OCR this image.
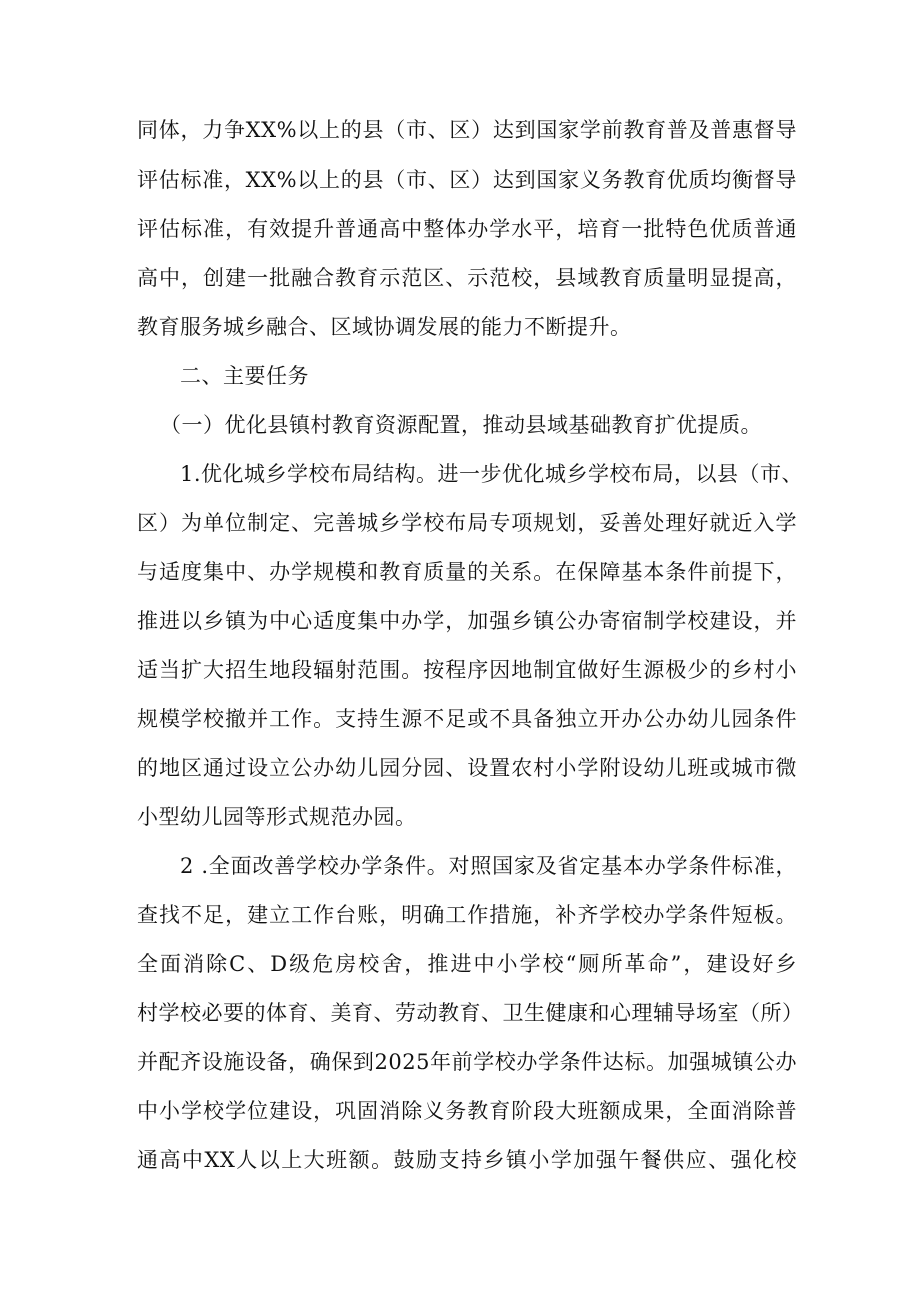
同体，力争XX%以上的县（市、区）达到国家学前教育普及普惠督导
评估标准，XX%以上的县（市、区）达到国家义务教育优质均衡督导
评估标准，有效提升普通高中整体办学水平，培育一批特色优质普通
高中，创建一批融合教育示范区、示范校，县域教育质量明显提高，
教育服务城乡融合、区域协调发展的能力不断提升。
二、主要任务
（一）优化县镇村教育资源配置，推动县域基础教育扩优提质。
1.优化城乡学校布局结构。进一步优化城乡学校布局，以县（市、
区）为单位制定、完善城乡学校布局专项规划，妥善处理好就近入学
与适度集中、办学规模和教育质量的关系。在保障基本条件前提下，
推进以乡镇为中心适度集中办学，加强乡镇公办寄宿制学校建设，并
适当扩大招生地段辐射范围。按程序因地制宜做好生源极少的乡村小
规模学校撤并工作。支持生源不足或不具备独立开办公办幼儿园条件
的地区通过设立公办幼儿园分园、设置农村小学附设幼儿班或城市微
小型幼儿园等形式规范办园。
2 .全面改善学校办学条件。对照国家及省定基本办学条件标准，
查找不足，建立工作台账，明确工作措施，补齐学校办学条件短板。
全面消除C、D级危房校舍，推进中小学校“厕所革命”，建设好乡
村学校必要的体育、美育、劳动教育、卫生健康和心理辅导场室（所）
并配齐设施设备，确保到2025年前学校办学条件达标。加强城镇公办
中小学校学位建设，巩固消除义务教育阶段大班额成果，全面消除普
通高中XX人以上大班额。鼓励支持乡镇小学加强午餐供应、强化校
